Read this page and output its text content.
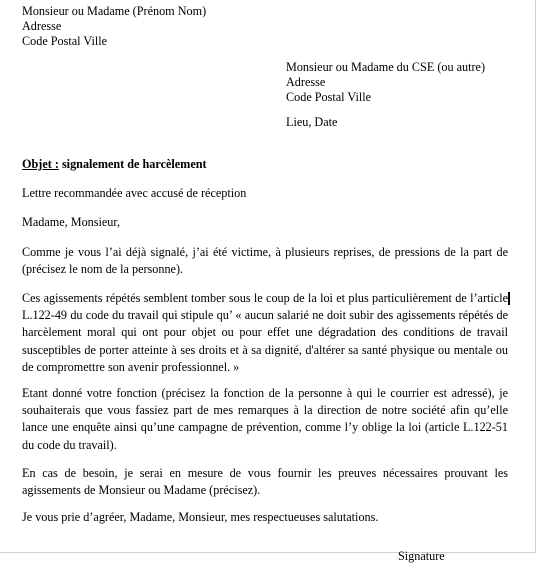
Monsieur ou Madame (Prénom Nom)

Adresse

Code Postal Ville

Monsieur ou Madame du CSE (ou autre)

Adresse

Code Postal Ville

Lieu, Date

Objet : signalement de harcèlement

Lettre recommandée avec accusé de réception

Madame, Monsieur,

Comme je vous l’ai déjà signalé, j’ai été victime, à plusieurs reprises, de pressions de la part de (précisez le nom de la personne).

Ces agissements répétés semblent tomber sous le coup de la loi et plus particulièrement de l’article L.122-49 du code du travail qui stipule qu’ « aucun salarié ne doit subir des agissements répétés de harcèlement moral qui ont pour objet ou pour effet une dégradation des conditions de travail susceptibles de porter atteinte à ses droits et à sa dignité, d'altérer sa santé physique ou mentale ou de compromettre son avenir professionnel. »

Etant donné votre fonction (précisez la fonction de la personne à qui le courrier est adressé), je souhaiterais que vous fassiez part de mes remarques à la direction de notre société afin qu’elle lance une enquête ainsi qu’une campagne de prévention, comme l’y oblige la loi (article L.122-51 du code du travail).

En cas de besoin, je serai en mesure de vous fournir les preuves nécessaires prouvant les agissements de Monsieur ou Madame (précisez).

Je vous prie d’agréer, Madame, Monsieur, mes respectueuses salutations.

Signature
